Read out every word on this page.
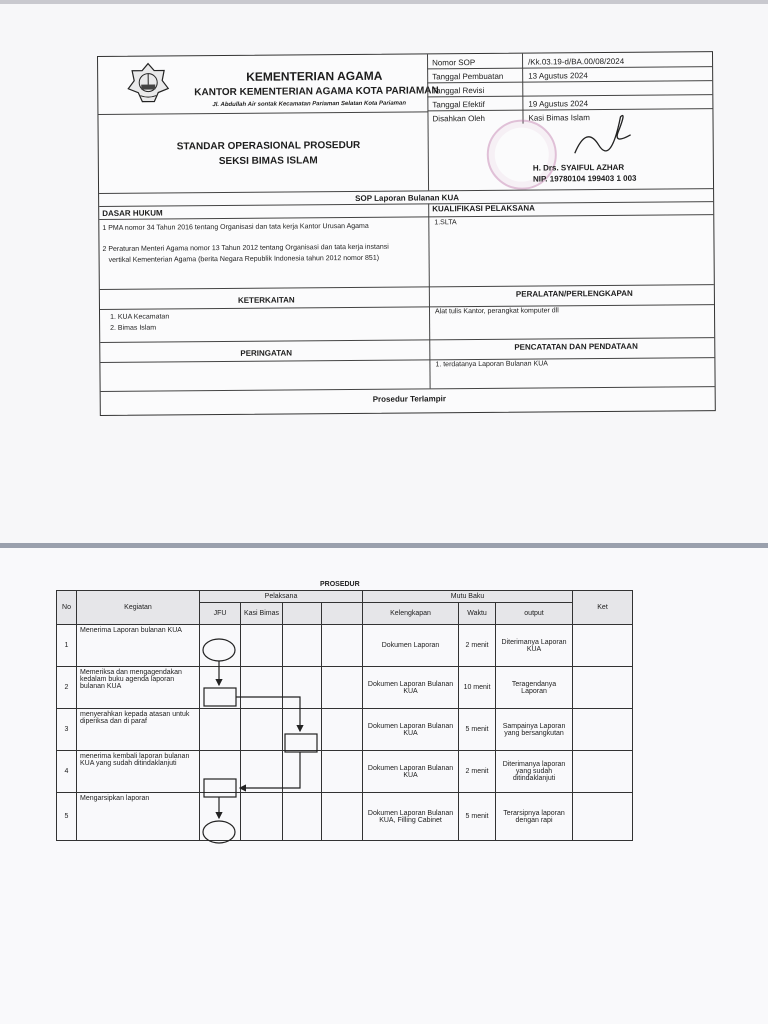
KEMENTERIAN AGAMA
KANTOR KEMENTERIAN AGAMA KOTA PARIAMAN
Jl. Abdullah Air sontak Kecamatan Pariaman Selatan Kota Pariaman
Nomor SOP	/Kk.03.19-d/BA.00/08/2024
Tanggal Pembuatan	13 Agustus 2024
Tanggal Revisi
Tanggal Efektif	19 Agustus 2024
Disahkan Oleh	Kasi Bimas Islam
H. Drs. SYAIFUL AZHAR
NIP. 19780104 199403 1 003
STANDAR OPERASIONAL PROSEDUR
SEKSI BIMAS ISLAM
SOP Laporan Bulanan KUA
DASAR HUKUM	KUALIFIKASI PELAKSANA
1 PMA nomor 34 Tahun 2016 tentang Organisasi dan tata kerja Kantor Urusan Agama
1.SLTA
2 Peraturan Menteri Agama nomor 13 Tahun 2012 tentang Organisasi dan tata kerja instansi
vertikal Kementerian Agama (berita Negara Republik Indonesia tahun 2012 nomor 851)
KETERKAITAN
PERALATAN/PERLENGKAPAN
1. KUA Kecamatan
2. Bimas Islam
Alat tulis Kantor, perangkat komputer dll
PERINGATAN
PENCATATAN DAN PENDATAAN
1. terdatanya Laporan Bulanan KUA
Prosedur Terlampir
PROSEDUR
No	Kegiatan	Pelaksana				Mutu Baku			Ket
		JFU	Kasi Bimas			Kelengkapan	Waktu	output	
1	Menerima Laporan bulanan KUA					Dokumen Laporan	2 menit	Diterimanya Laporan KUA	
2	Memeriksa dan mengagendakan kedalam buku agenda laporan bulanan KUA					Dokumen Laporan Bulanan KUA	10 menit	Teragendanya Laporan	
3	menyerahkan kepada atasan untuk diperiksa dan di paraf					Dokumen Laporan Bulanan KUA	5 menit	Sampainya Laporan yang bersangkutan	
4	menerima kembali laporan bulanan KUA yang sudah ditindaklanjuti					Dokumen Laporan Bulanan KUA	2 menit	Diterimanya laporan yang sudah ditindaklanjuti	
5	Mengarsipkan laporan					Dokumen Laporan Bulanan KUA, Filling Cabinet	5 menit	Terarsipnya laporan dengan rapi	
